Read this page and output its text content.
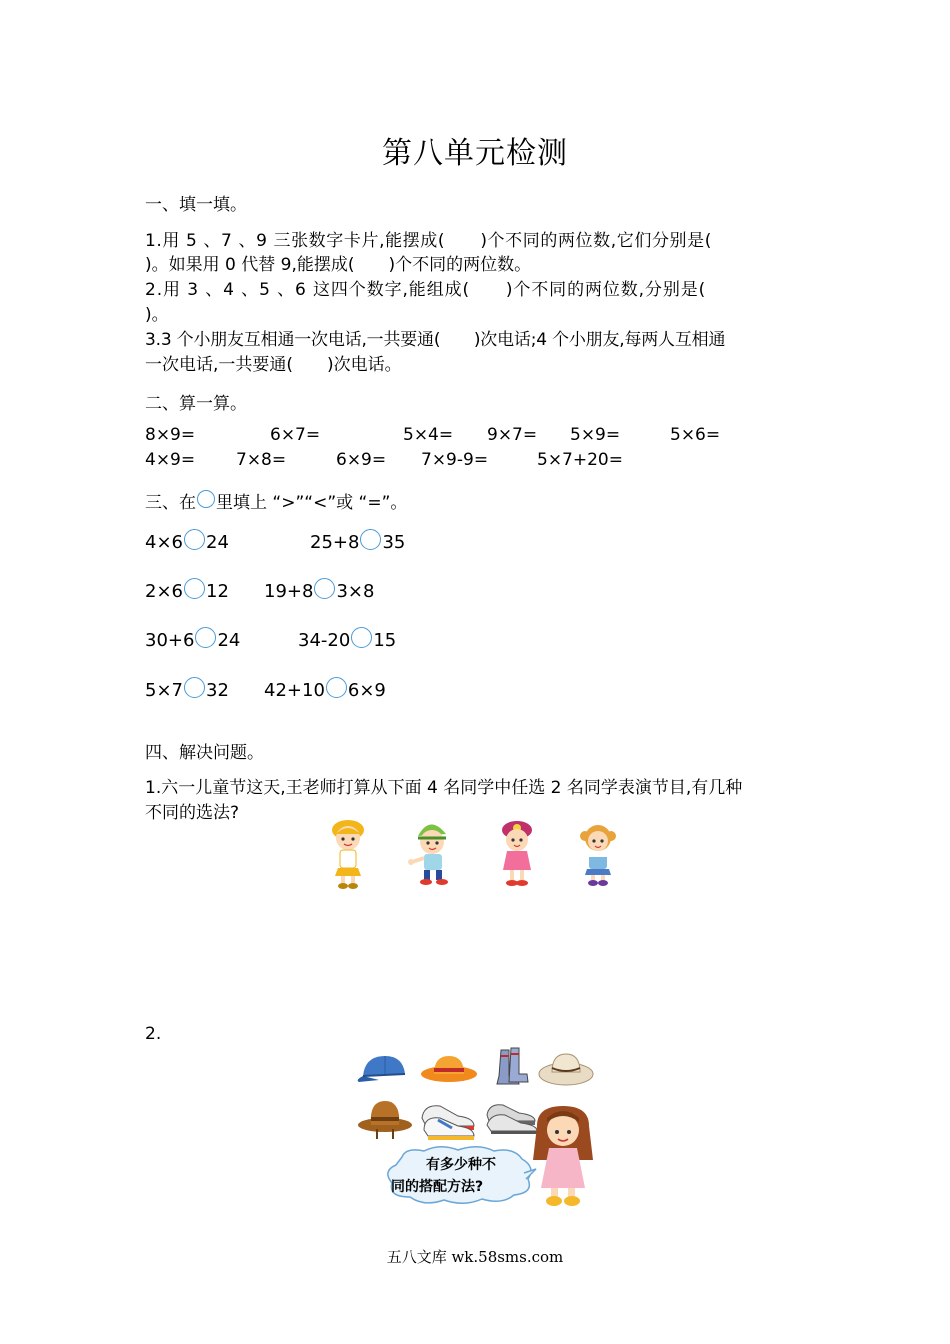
第八单元检测
一、填一填。
1.用 5 、7 、9 三张数字卡片,能摆成(　　)个不同的两位数,它们分别是(
)。如果用 0 代替 9,能摆成(　　)个不同的两位数。
2.用 3 、4 、5 、6 这四个数字,能组成(　　)个不同的两位数,分别是(
)。
3.3 个小朋友互相通一次电话,一共要通(　　)次电话;4 个小朋友,每两人互相通
一次电话,一共要通(　　)次电话。
二、算一算。
8×9=	6×7=	5×4= 9×7= 5×9=	5×6=
4×9= 7×8=	6×9= 7×9-9=	5×7+20=
三、在 里填上 “>”“<”或 “=”。
4×6 24	25+8 35
2×6 12 19+8 3×8
30+6 24	34-20 15
5×7 32 42+10 6×9
四、解决问题。
1.六一儿童节这天,王老师打算从下面 4 名同学中任选 2 名同学表演节目,有几种
不同的选法?
2.
有多少种不
同的搭配方法?
五八文库 wk.58sms.com
